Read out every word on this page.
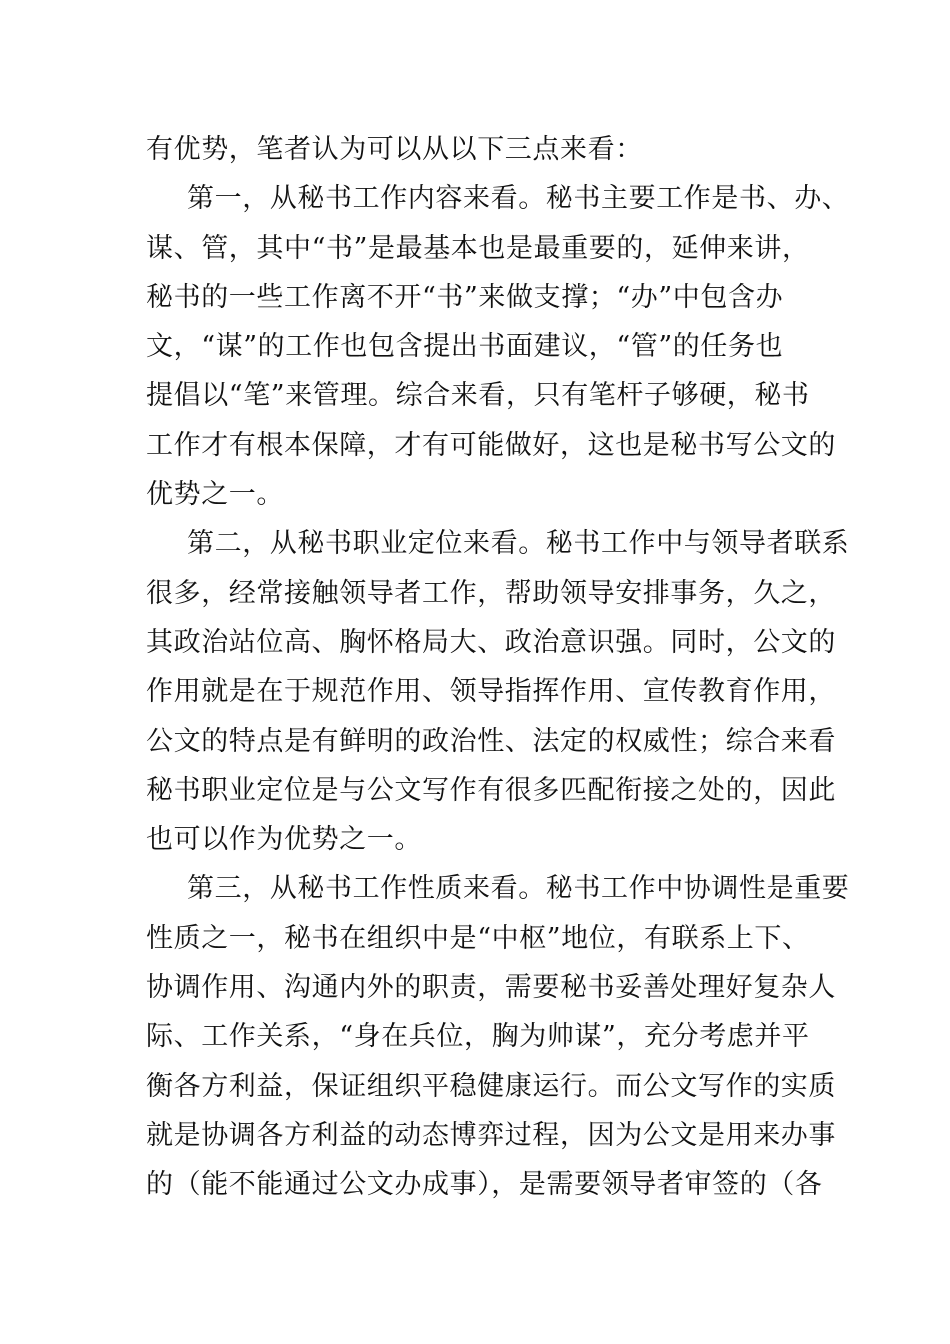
有优势，笔者认为可以从以下三点来看：
第一，从秘书工作内容来看。秘书主要工作是书、办、
谋、管，其中“书”是最基本也是最重要的，延伸来讲，
秘书的一些工作离不开“书”来做支撑；“办”中包含办
文，“谋”的工作也包含提出书面建议，“管”的任务也
提倡以“笔”来管理。综合来看，只有笔杆子够硬，秘书
工作才有根本保障，才有可能做好，这也是秘书写公文的
优势之一。
第二，从秘书职业定位来看。秘书工作中与领导者联系
很多，经常接触领导者工作，帮助领导安排事务，久之，
其政治站位高、胸怀格局大、政治意识强。同时，公文的
作用就是在于规范作用、领导指挥作用、宣传教育作用，
公文的特点是有鲜明的政治性、法定的权威性；综合来看
秘书职业定位是与公文写作有很多匹配衔接之处的，因此
也可以作为优势之一。
第三，从秘书工作性质来看。秘书工作中协调性是重要
性质之一，秘书在组织中是“中枢”地位，有联系上下、
协调作用、沟通内外的职责，需要秘书妥善处理好复杂人
际、工作关系，“身在兵位，胸为帅谋”，充分考虑并平
衡各方利益，保证组织平稳健康运行。而公文写作的实质
就是协调各方利益的动态博弈过程，因为公文是用来办事
的（能不能通过公文办成事），是需要领导者审签的（各
